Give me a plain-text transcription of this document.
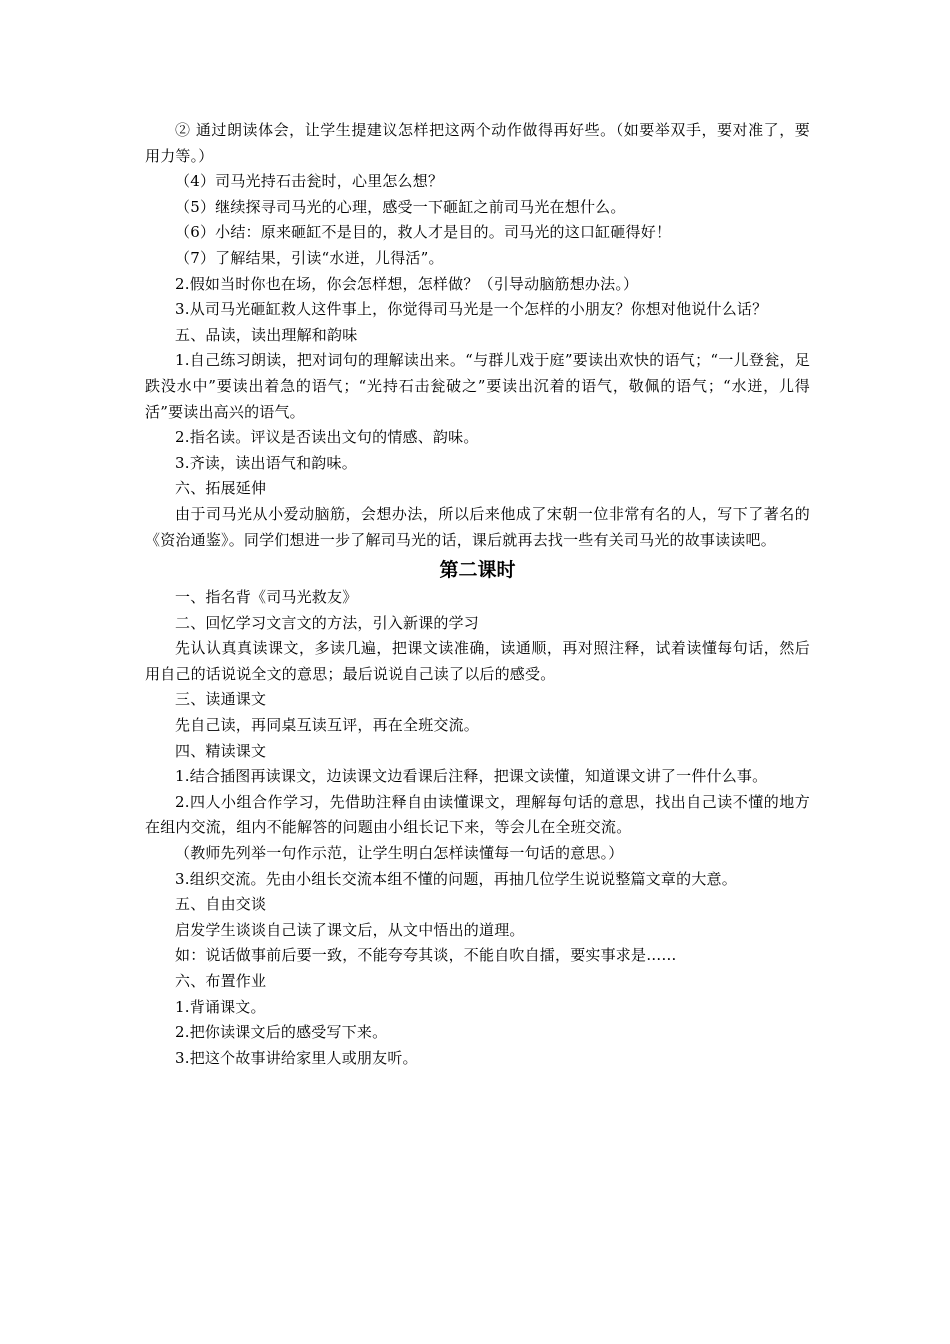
② 通过朗读体会，让学生提建议怎样把这两个动作做得再好些。（如要举双手，要对准了，要用力等。）

（4）司马光持石击瓮时，心里怎么想？

（5）继续探寻司马光的心理，感受一下砸缸之前司马光在想什么。

（6）小结：原来砸缸不是目的，救人才是目的。司马光的这口缸砸得好！

（7）了解结果，引读“水迸，儿得活”。

2.假如当时你也在场，你会怎样想，怎样做？（引导动脑筋想办法。）

3.从司马光砸缸救人这件事上，你觉得司马光是一个怎样的小朋友？你想对他说什么话？

五、品读，读出理解和韵味

1.自己练习朗读，把对词句的理解读出来。“与群儿戏于庭”要读出欢快的语气；“一儿登瓮，足跌没水中”要读出着急的语气；“光持石击瓮破之”要读出沉着的语气，敬佩的语气；“水迸，儿得活”要读出高兴的语气。

2.指名读。评议是否读出文句的情感、韵味。

3.齐读，读出语气和韵味。

六、拓展延伸

由于司马光从小爱动脑筋，会想办法，所以后来他成了宋朝一位非常有名的人，写下了著名的《资治通鉴》。同学们想进一步了解司马光的话，课后就再去找一些有关司马光的故事读读吧。

第二课时

一、指名背《司马光救友》

二、回忆学习文言文的方法，引入新课的学习

先认认真真读课文，多读几遍，把课文读准确，读通顺，再对照注释，试着读懂每句话，然后用自己的话说说全文的意思；最后说说自己读了以后的感受。

三、读通课文

先自己读，再同桌互读互评，再在全班交流。

四、精读课文

1.结合插图再读课文，边读课文边看课后注释，把课文读懂，知道课文讲了一件什么事。

2.四人小组合作学习，先借助注释自由读懂课文，理解每句话的意思，找出自己读不懂的地方在组内交流，组内不能解答的问题由小组长记下来，等会儿在全班交流。

（教师先列举一句作示范，让学生明白怎样读懂每一句话的意思。）

3.组织交流。先由小组长交流本组不懂的问题，再抽几位学生说说整篇文章的大意。

五、自由交谈

启发学生谈谈自己读了课文后，从文中悟出的道理。

如：说话做事前后要一致，不能夸夸其谈，不能自吹自擂，要实事求是……

六、布置作业

1.背诵课文。

2.把你读课文后的感受写下来。

3.把这个故事讲给家里人或朋友听。
